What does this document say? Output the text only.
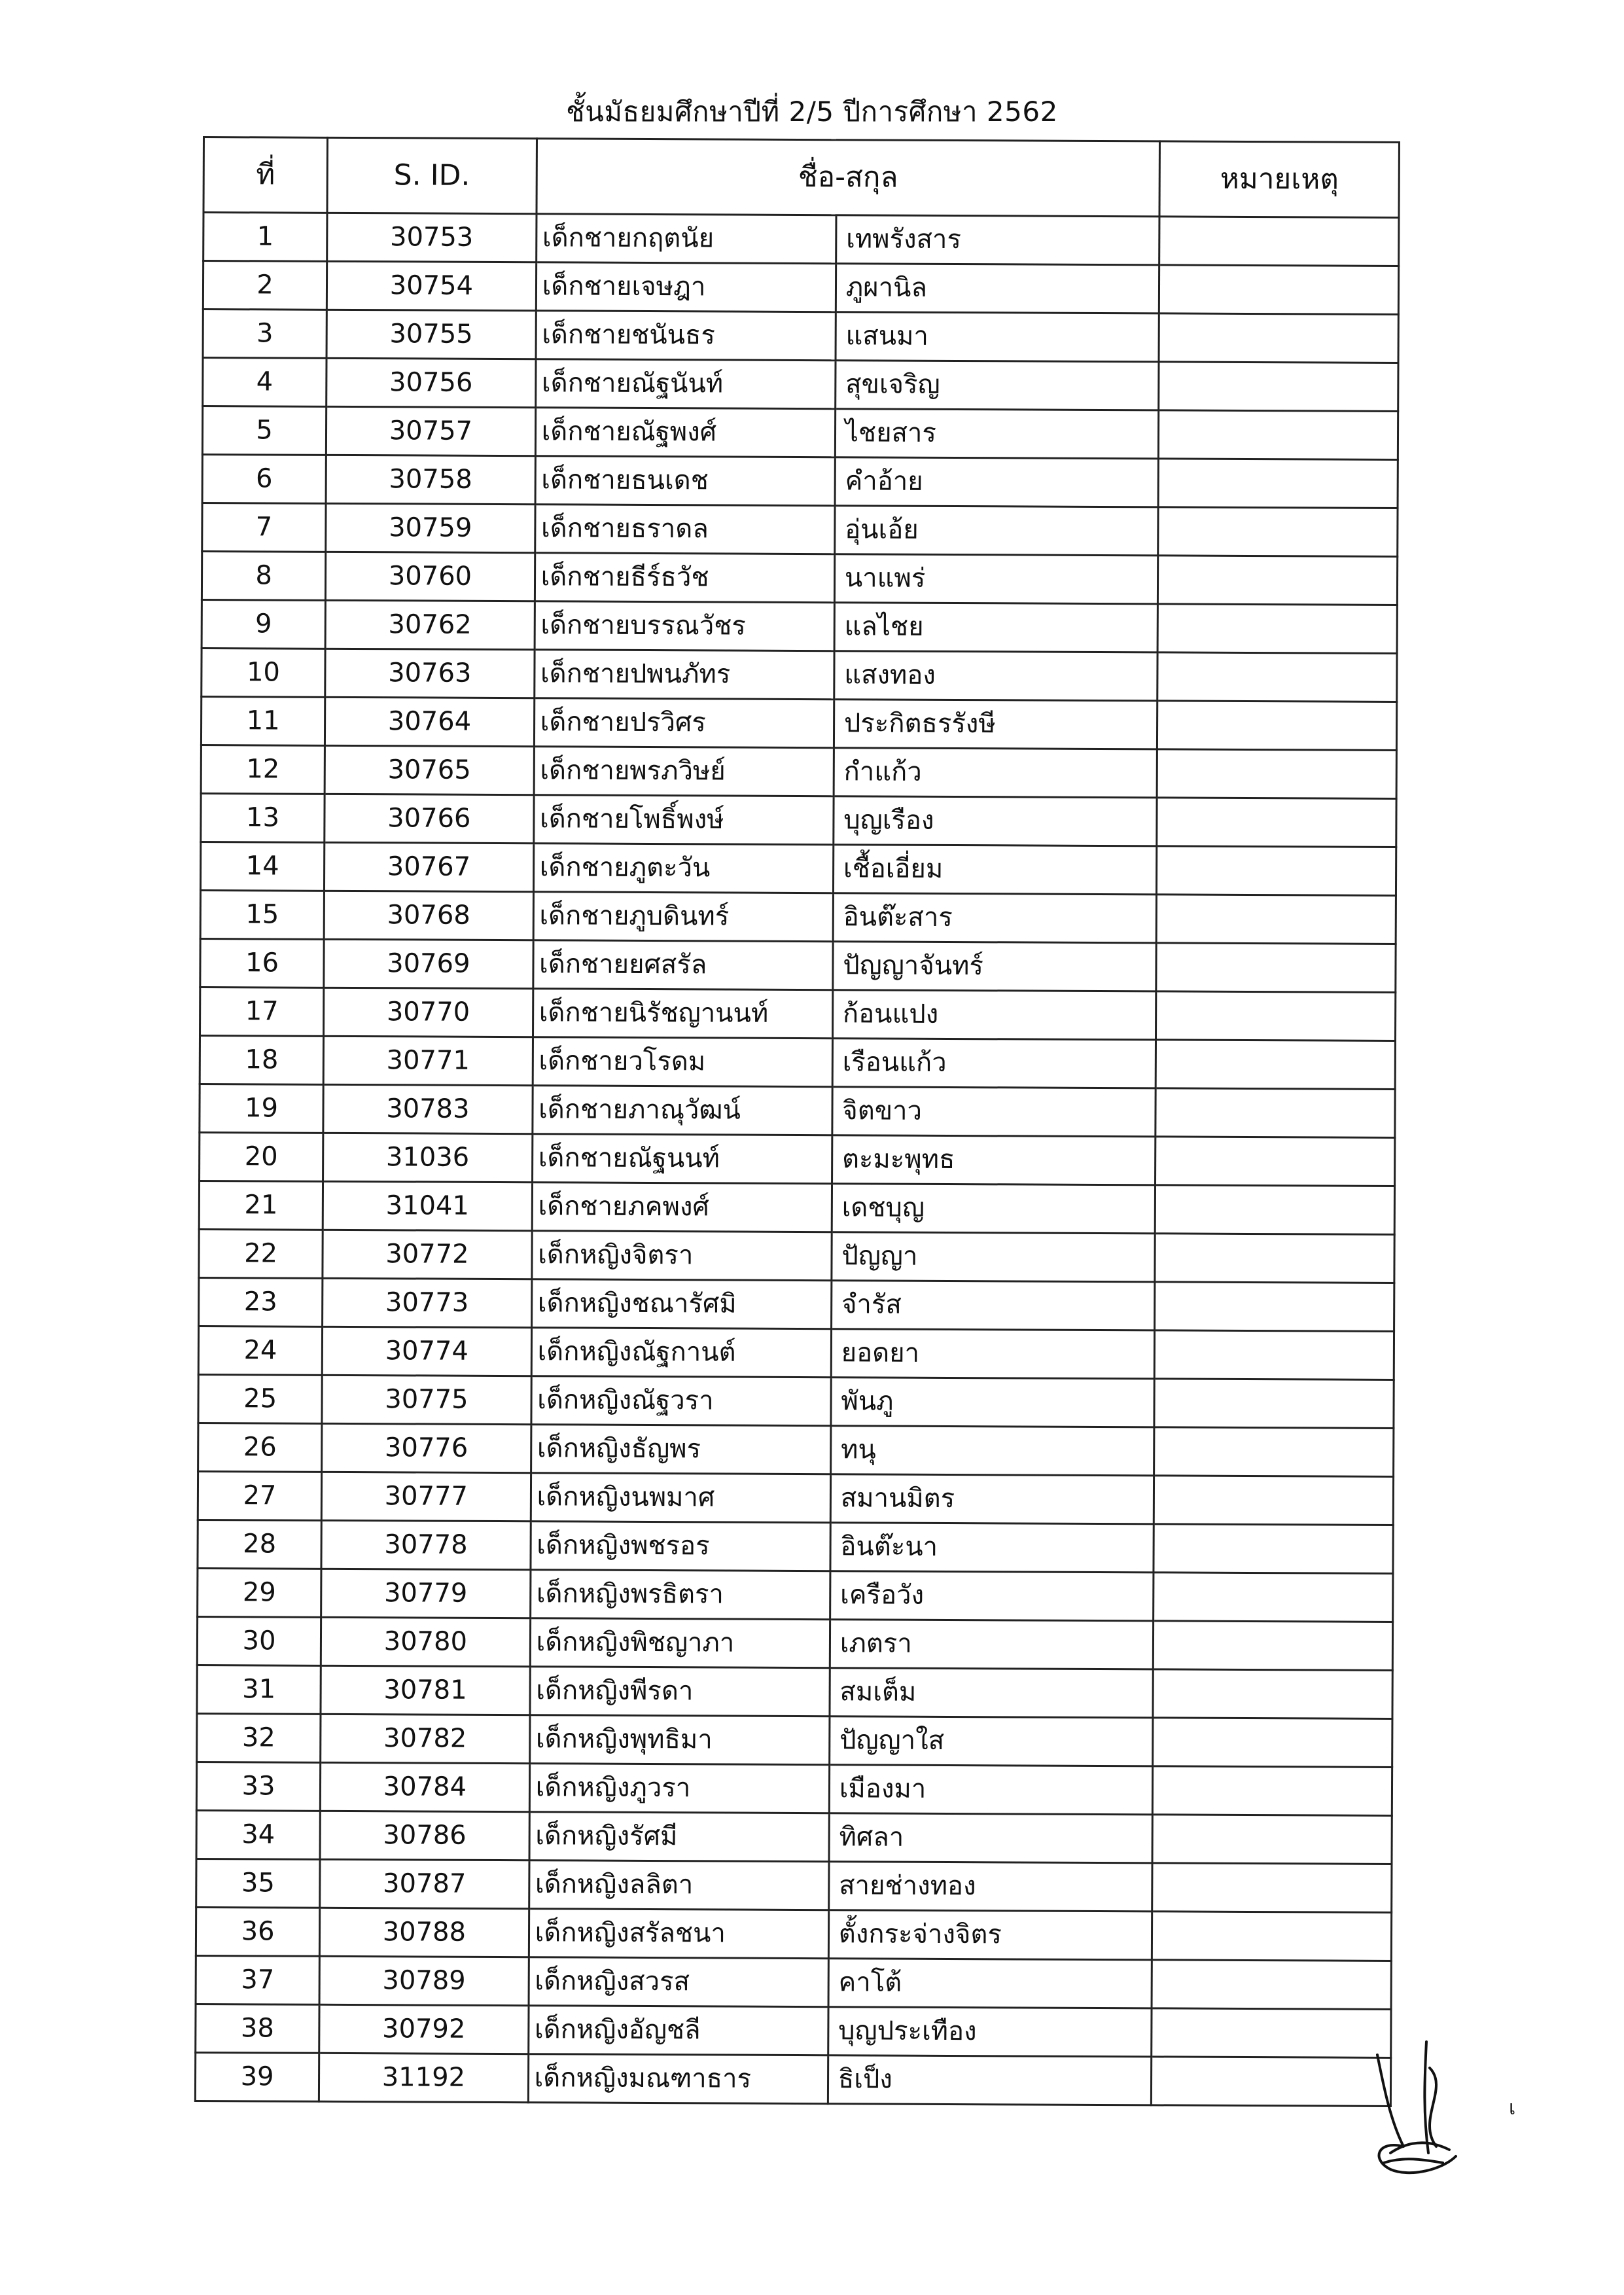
ชั้นมัธยมศึกษาปีที่ 2/5 ปีการศึกษา 2562
ที่	S. ID.	ชื่อ-สกุล		หมายเหตุ
1	30753	เด็กชายกฤตนัย	เทพรังสาร	
2	30754	เด็กชายเจษฎา	ภูผานิล	
3	30755	เด็กชายชนันธร	แสนมา	
4	30756	เด็กชายณัฐนันท์	สุขเจริญ	
5	30757	เด็กชายณัฐพงศ์	ไชยสาร	
6	30758	เด็กชายธนเดช	คำอ้าย	
7	30759	เด็กชายธราดล	อุ่นเอ้ย	
8	30760	เด็กชายธีร์ธวัช	นาแพร่	
9	30762	เด็กชายบรรณวัชร	แลไชย	
10	30763	เด็กชายปพนภัทร	แสงทอง	
11	30764	เด็กชายปรวิศร	ประกิตธรรังษี	
12	30765	เด็กชายพรภวิษย์	กำแก้ว	
13	30766	เด็กชายโพธิ์พงษ์	บุญเรือง	
14	30767	เด็กชายภูตะวัน	เชื้อเอี่ยม	
15	30768	เด็กชายภูบดินทร์	อินต๊ะสาร	
16	30769	เด็กชายยศสรัล	ปัญญาจันทร์	
17	30770	เด็กชายนิรัชญานนท์	ก้อนแปง	
18	30771	เด็กชายวโรดม	เรือนแก้ว	
19	30783	เด็กชายภาณุวัฒน์	จิตขาว	
20	31036	เด็กชายณัฐนนท์	ตะมะพุทธ	
21	31041	เด็กชายภคพงศ์	เดชบุญ	
22	30772	เด็กหญิงจิตรา	ปัญญา	
23	30773	เด็กหญิงชณารัศมิ	จำรัส	
24	30774	เด็กหญิงณัฐกานต์	ยอดยา	
25	30775	เด็กหญิงณัฐวรา	พันภู	
26	30776	เด็กหญิงธัญพร	ทนุ	
27	30777	เด็กหญิงนพมาศ	สมานมิตร	
28	30778	เด็กหญิงพชรอร	อินต๊ะนา	
29	30779	เด็กหญิงพรธิตรา	เครือวัง	
30	30780	เด็กหญิงพิชญาภา	เภตรา	
31	30781	เด็กหญิงพีรดา	สมเต็ม	
32	30782	เด็กหญิงพุทธิมา	ปัญญาใส	
33	30784	เด็กหญิงภูวรา	เมืองมา	
34	30786	เด็กหญิงรัศมี	ทิศลา	
35	30787	เด็กหญิงลลิตา	สายช่างทอง	
36	30788	เด็กหญิงสรัลชนา	ตั้งกระจ่างจิตร	
37	30789	เด็กหญิงสวรส	คาโต้	
38	30792	เด็กหญิงอัญชลี	บุญประเทือง	
39	31192	เด็กหญิงมณฑาธาร	ธิเป็ง	
เ
